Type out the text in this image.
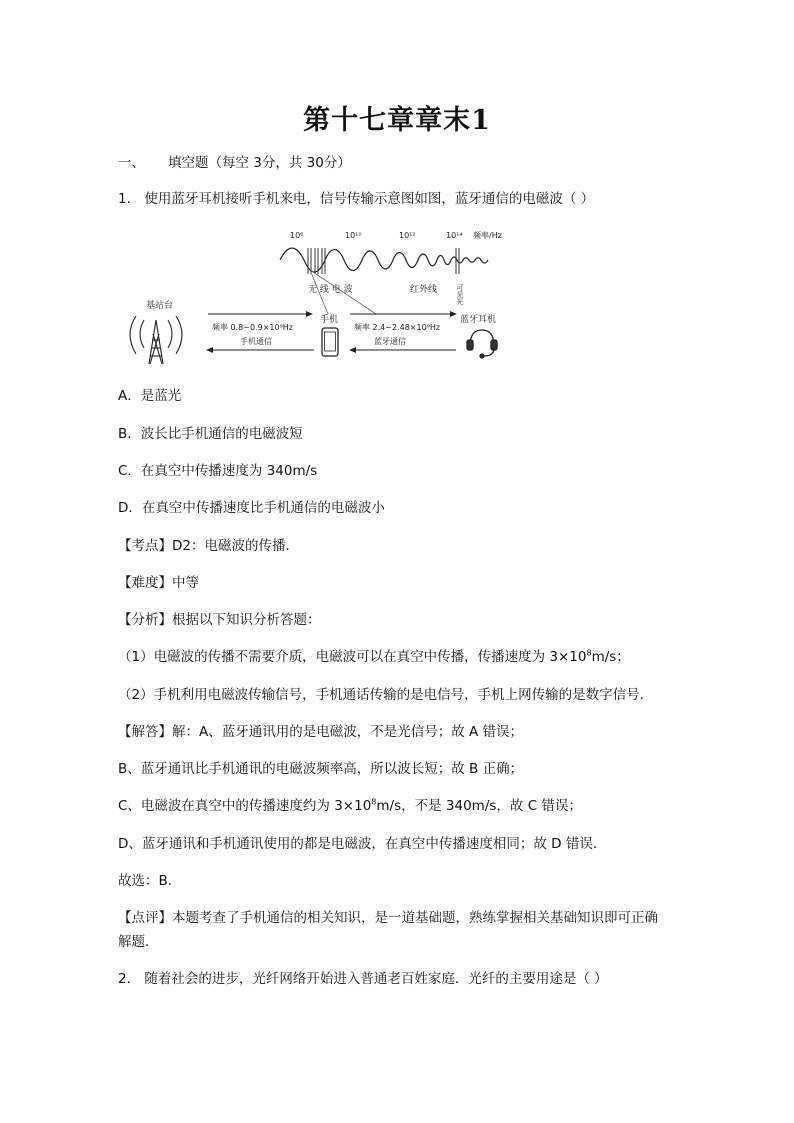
第十七章章末1
一、 填空题（每空 3分，共 30分）
1． 使用蓝牙耳机接听手机来电，信号传输示意图如图，蓝牙通信的电磁波（ ）
10⁶	10¹⁰	10¹²	10¹⁴ 频率/Hz
无 线 电 波	红外线	可见光
基站台
频率 0.8~0.9×10⁹Hz
手机通信
手机
频率 2.4~2.48×10⁹Hz
蓝牙通信
蓝牙耳机
A．是蓝光
B．波长比手机通信的电磁波短
C．在真空中传播速度为 340m/s
D．在真空中传播速度比手机通信的电磁波小
【考点】D2：电磁波的传播．
【难度】中等
【分析】根据以下知识分析答题：
（1）电磁波的传播不需要介质，电磁波可以在真空中传播，传播速度为 $3\times 10^8m/s$；
（2）手机利用电磁波传输信号，手机通话传输的是电信号，手机上网传输的是数字信号．
【解答】解：A、蓝牙通讯用的是电磁波，不是光信号；故 A 错误；
B、蓝牙通讯比手机通讯的电磁波频率高，所以波长短；故 B 正确；
C、电磁波在真空中的传播速度约为 $3\times 10^8m/s$，不是 340m/s，故 C 错误；
D、蓝牙通讯和手机通讯使用的都是电磁波，在真空中传播速度相同；故 D 错误．
故选：B．
【点评】本题考查了手机通信的相关知识，是一道基础题，熟练掌握相关基础知识即可正确
解题．
2． 随着社会的进步，光纤网络开始进入普通老百姓家庭．光纤的主要用途是（ ）
